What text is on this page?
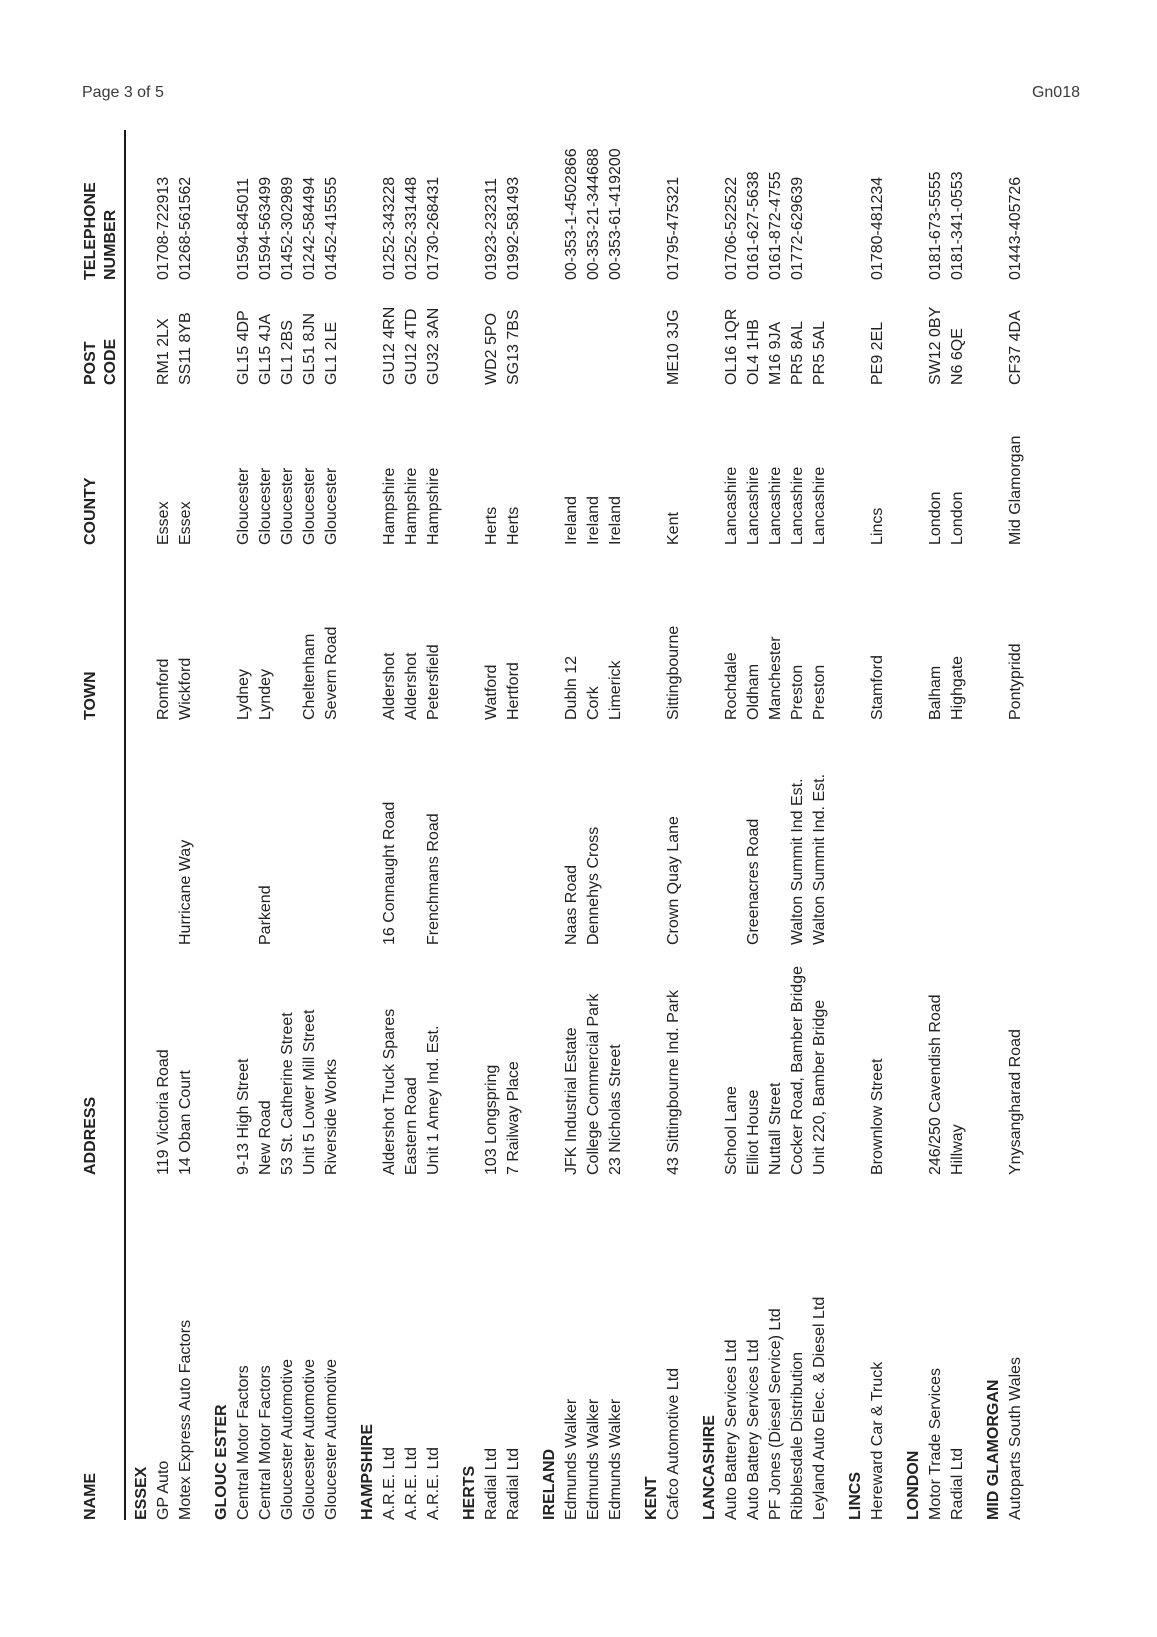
Page 3 of 5	Gn018
NAME
ADDRESS
TOWN
COUNTY
POST CODE
TELEPHONE NUMBER
ESSEX GP Auto
119 Victoria Road
Romford
Essex
RM1 2LX
01708-722913
Motex Express Auto Factors
14 Oban Court
Hurricane Way
Wickford
Essex
SS11 8YB
01268-561562
GLOUC ESTER Central Motor Factors
9-13 High Street
Lydney
Gloucester
GL15 4DP
01594-845011
Central Motor Factors
New Road
Parkend
Lyndey
Gloucester
GL15 4JA
01594-563499
Gloucester Automotive
53 St. Catherine Street
Gloucester
GL1 2BS
01452-302989
Gloucester Automotive
Unit 5 Lower Mill Street
Cheltenham
Gloucester
GL51 8JN
01242-584494
Gloucester Automotive
Riverside Works
Severn Road
Gloucester
GL1 2LE
01452-415555
HAMPSHIRE A.R.E. Ltd
Aldershot Truck Spares
16 Connaught Road
Aldershot
Hampshire
GU12 4RN
01252-343228
A.R.E. Ltd
Eastern Road
Aldershot
Hampshire
GU12 4TD
01252-331448
A.R.E. Ltd
Unit 1 Amey Ind. Est.
Frenchmans Road
Petersfield
Hampshire
GU32 3AN
01730-268431
HERTS Radial Ltd
103 Longspring
Watford
Herts
WD2 5PO
01923-232311
Radial Ltd
7 Railway Place
Hertford
Herts
SG13 7BS
01992-581493
IRELAND Edmunds Walker
JFK Industrial Estate
Naas Road
Dubln 12
Ireland
00-353-1-4502866
Edmunds Walker
College Commercial Park
Dennehys Cross
Cork
Ireland
00-353-21-344688
Edmunds Walker
23 Nicholas Street
Limerick
Ireland
00-353-61-419200
KENT Cafco Automotive Ltd
43 Sittingbourne Ind. Park
Crown Quay Lane
Sittingbourne
Kent
ME10 3JG
01795-475321
LANCASHIRE Auto Battery Services Ltd
School Lane
Rochdale
Lancashire
OL16 1QR
01706-522522
Auto Battery Services Ltd
Elliot House
Greenacres Road
Oldham
Lancashire
OL4 1HB
0161-627-5638
PF Jones (Diesel Service) Ltd
Nuttall Street
Manchester
Lancashire
M16 9JA
0161-872-4755
Ribblesdale Distribution
Cocker Road, Bamber Bridge
Walton Summit Ind Est.
Preston
Lancashire
PR5 8AL
01772-629639
Leyland Auto Elec. & Diesel Ltd
Unit 220, Bamber Bridge
Walton Summit Ind. Est.
Preston
Lancashire
PR5 5AL
LINCS Hereward Car & Truck
Brownlow Street
Stamford
Lincs
PE9 2EL
01780-481234
LONDON Motor Trade Services
246/250 Cavendish Road
Balham
London
SW12 0BY
0181-673-5555
Radial Ltd
Hillway
Highgate
London
N6 6QE
0181-341-0553
MID GLAMORGAN Autoparts South Wales
Ynysangharad Road
Pontypridd
Mid Glamorgan
CF37 4DA
01443-405726
